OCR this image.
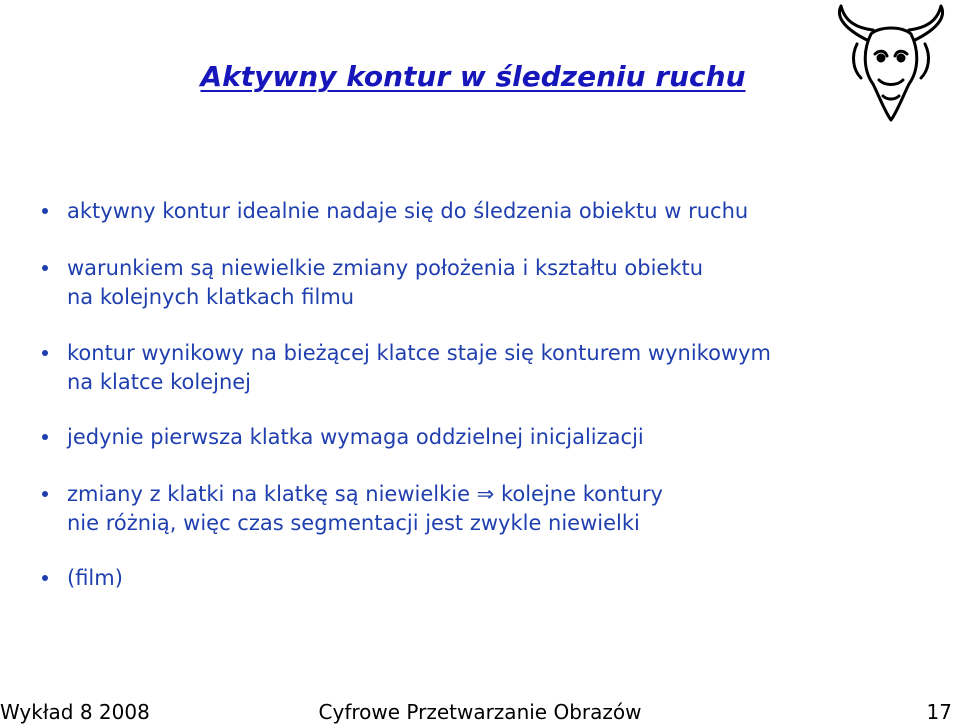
Aktywny kontur w śledzeniu ruchu
aktywny kontur idealnie nadaje się do śledzenia obiektu w ruchu
warunkiem są niewielkie zmiany położenia i kształtu obiektu
na kolejnych klatkach filmu
kontur wynikowy na bieżącej klatce staje się konturem wynikowym
na klatce kolejnej
jedynie pierwsza klatka wymaga oddzielnej inicjalizacji
zmiany z klatki na klatkę są niewielkie ⇒ kolejne kontury
nie różnią, więc czas segmentacji jest zwykle niewielki
(film)
Wykład 8 2008	Cyfrowe Przetwarzanie Obrazów	17
